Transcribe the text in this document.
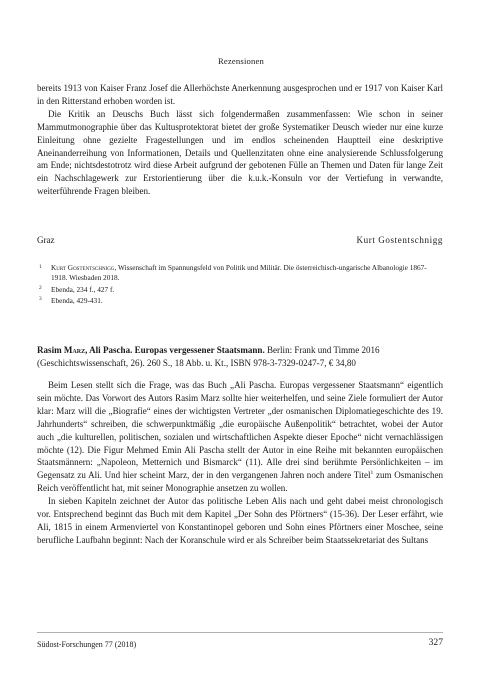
Rezensionen
bereits 1913 von Kaiser Franz Josef die Allerhöchste Anerkennung ausgesprochen und er 1917 von Kaiser Karl in den Ritterstand erhoben worden ist.
Die Kritik an Deuschs Buch lässt sich folgendermaßen zusammenfassen: Wie schon in seiner Mammutmonographie über das Kultusprotektorat bietet der große Systematiker Deusch wieder nur eine kurze Einleitung ohne gezielte Fragestellungen und im endlos scheinenden Hauptteil eine deskriptive Aneinanderreihung von Informationen, Details und Quellenzitaten ohne eine analysierende Schlussfolgerung am Ende; nichtsdestotrotz wird diese Arbeit aufgrund der gebotenen Fülle an Themen und Daten für lange Zeit ein Nachschlagewerk zur Erstorientierung über die k.u.k.-Konsuln vor der Vertiefung in verwandte, weiterführende Fragen bleiben.
Graz	Kurt Gostentschnigg
1 Kurt Gostentschnigg, Wissenschaft im Spannungsfeld von Politik und Militär. Die österreichisch-ungarische Albanologie 1867-1918. Wiesbaden 2018.
2 Ebenda, 234 f., 427 f.
3 Ebenda, 429-431.
Rasim Marz, Ali Pascha. Europas vergessener Staatsmann. Berlin: Frank und Timme 2016 (Geschichtswissenschaft, 26). 260 S., 18 Abb. u. Kt., ISBN 978-3-7329-0247-7, € 34,80
Beim Lesen stellt sich die Frage, was das Buch „Ali Pascha. Europas vergessener Staatsmann“ eigentlich sein möchte. Das Vorwort des Autors Rasim Marz sollte hier weiterhelfen, und seine Ziele formuliert der Autor klar: Marz will die „Biografie“ eines der wichtigsten Vertreter „der osmanischen Diplomatiegeschichte des 19. Jahrhunderts“ schreiben, die schwerpunktmäßig „die europäische Außenpolitik“ betrachtet, wobei der Autor auch „die kulturellen, politischen, sozialen und wirtschaftlichen Aspekte dieser Epoche“ nicht vernachlässigen möchte (12). Die Figur Mehmed Emin Ali Pascha stellt der Autor in eine Reihe mit bekannten europäischen Staatsmännern: „Napoleon, Metternich und Bismarck“ (11). Alle drei sind berühmte Persönlichkeiten – im Gegensatz zu Ali. Und hier scheint Marz, der in den vergangenen Jahren noch andere Titel$^1$ zum Osmanischen Reich veröffentlicht hat, mit seiner Monographie ansetzen zu wollen.
In sieben Kapiteln zeichnet der Autor das politische Leben Alis nach und geht dabei meist chronologisch vor. Entsprechend beginnt das Buch mit dem Kapitel „Der Sohn des Pförtners“ (15-36). Der Leser erfährt, wie Ali, 1815 in einem Armenviertel von Konstantinopel geboren und Sohn eines Pförtners einer Moschee, seine berufliche Laufbahn beginnt: Nach der Koranschule wird er als Schreiber beim Staatssekretariat des Sultans
Südost-Forschungen 77 (2018)	327
